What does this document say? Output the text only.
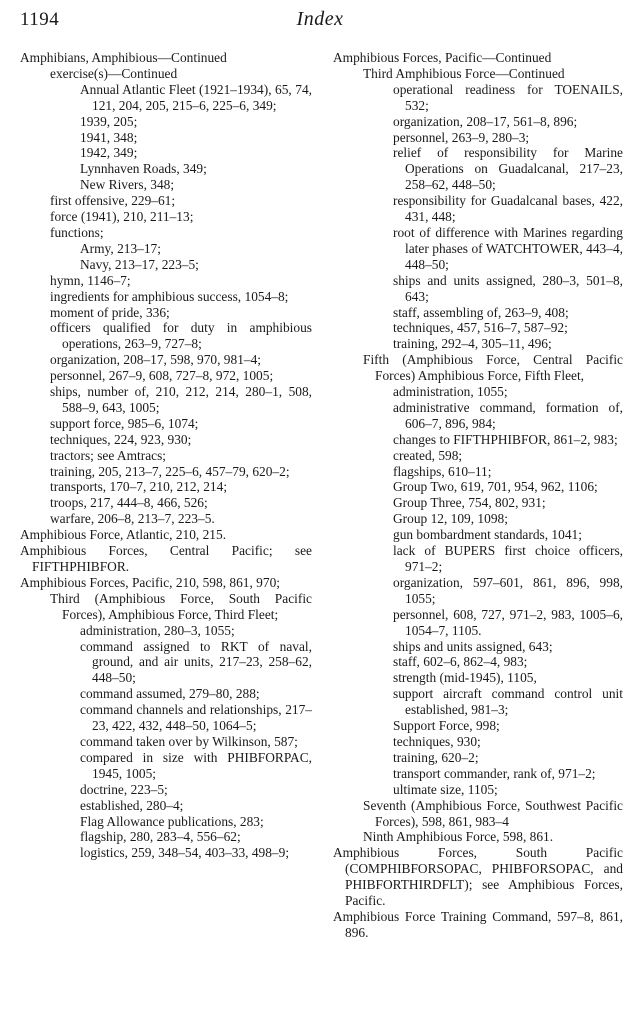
1194	Index
Amphibians, Amphibious—Continued
exercise(s)—Continued
Annual Atlantic Fleet (1921–1934), 65, 74, 121, 204, 205, 215–6, 225–6, 349;
1939, 205;
1941, 348;
1942, 349;
Lynnhaven Roads, 349;
New Rivers, 348;
first offensive, 229–61;
force (1941), 210, 211–13;
functions;
Army, 213–17;
Navy, 213–17, 223–5;
hymn, 1146–7;
ingredients for amphibious success, 1054–8;
moment of pride, 336;
officers qualified for duty in amphibious operations, 263–9, 727–8;
organization, 208–17, 598, 970, 981–4;
personnel, 267–9, 608, 727–8, 972, 1005;
ships, number of, 210, 212, 214, 280–1, 508, 588–9, 643, 1005;
support force, 985–6, 1074;
techniques, 224, 923, 930;
tractors; see Amtracs;
training, 205, 213–7, 225–6, 457–79, 620–2;
transports, 170–7, 210, 212, 214;
troops, 217, 444–8, 466, 526;
warfare, 206–8, 213–7, 223–5.
Amphibious Force, Atlantic, 210, 215.
Amphibious Forces, Central Pacific; see FIFTHPHIBFOR.
Amphibious Forces, Pacific, 210, 598, 861, 970;
Third (Amphibious Force, South Pacific Forces), Amphibious Force, Third Fleet;
administration, 280–3, 1055;
command assigned to RKT of naval, ground, and air units, 217–23, 258–62, 448–50;
command assumed, 279–80, 288;
command channels and relationships, 217–23, 422, 432, 448–50, 1064–5;
command taken over by Wilkinson, 587;
compared in size with PHIBFORPAC, 1945, 1005;
doctrine, 223–5;
established, 280–4;
Flag Allowance publications, 283;
flagship, 280, 283–4, 556–62;
logistics, 259, 348–54, 403–33, 498–9;
Amphibious Forces, Pacific—Continued
Third Amphibious Force—Continued
operational readiness for TOENAILS, 532;
organization, 208–17, 561–8, 896;
personnel, 263–9, 280–3;
relief of responsibility for Marine Operations on Guadalcanal, 217–23, 258–62, 448–50;
responsibility for Guadalcanal bases, 422, 431, 448;
root of difference with Marines regarding later phases of WATCHTOWER, 443–4, 448–50;
ships and units assigned, 280–3, 501–8, 643;
staff, assembling of, 263–9, 408;
techniques, 457, 516–7, 587–92;
training, 292–4, 305–11, 496;
Fifth (Amphibious Force, Central Pacific Forces) Amphibious Force, Fifth Fleet,
administration, 1055;
administrative command, formation of, 606–7, 896, 984;
changes to FIFTHPHIBFOR, 861–2, 983;
created, 598;
flagships, 610–11;
Group Two, 619, 701, 954, 962, 1106;
Group Three, 754, 802, 931;
Group 12, 109, 1098;
gun bombardment standards, 1041;
lack of BUPERS first choice officers, 971–2;
organization, 597–601, 861, 896, 998, 1055;
personnel, 608, 727, 971–2, 983, 1005–6, 1054–7, 1105.
ships and units assigned, 643;
staff, 602–6, 862–4, 983;
strength (mid-1945), 1105,
support aircraft command control unit established, 981–3;
Support Force, 998;
techniques, 930;
training, 620–2;
transport commander, rank of, 971–2;
ultimate size, 1105;
Seventh (Amphibious Force, Southwest Pacific Forces), 598, 861, 983–4
Ninth Amphibious Force, 598, 861.
Amphibious Forces, South Pacific (COMPHIBFORSOPAC, PHIBFORSOPAC, and PHIBFORTHIRDFLT); see Amphibious Forces, Pacific.
Amphibious Force Training Command, 597–8, 861, 896.
